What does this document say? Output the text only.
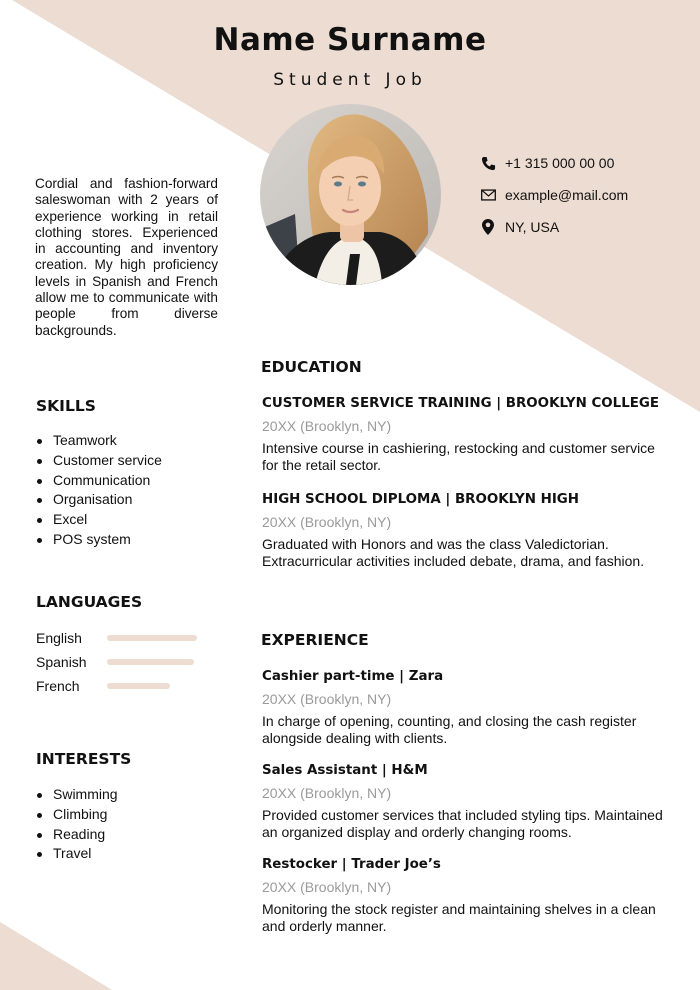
Name Surname
Student Job
+1 315 000 00 00
example@mail.com
NY, USA

Cordial and fashion-forward saleswoman with 2 years of experience working in retail clothing stores. Experienced in accounting and inventory creation. My high proficiency levels in Spanish and French allow me to communicate with people from diverse backgrounds.

SKILLS
Teamwork
Customer service
Communication
Organisation
Excel
POS system
LANGUAGES
English
Spanish
French
INTERESTS
Swimming
Climbing
Reading
Travel
EDUCATION

CUSTOMER SERVICE TRAINING | BROOKLYN COLLEGE

20XX (Brooklyn, NY)

Intensive course in cashiering, restocking and customer service for the retail sector.

HIGH SCHOOL DIPLOMA | BROOKLYN HIGH

20XX (Brooklyn, NY)

Graduated with Honors and was the class Valedictorian. Extracurricular activities included debate, drama, and fashion.

EXPERIENCE

Cashier part-time | Zara

20XX (Brooklyn, NY)

In charge of opening, counting, and closing the cash register alongside dealing with clients.

Sales Assistant | H&M

20XX (Brooklyn, NY)

Provided customer services that included styling tips. Maintained an organized display and orderly changing rooms.

Restocker | Trader Joe’s

20XX (Brooklyn, NY)

Monitoring the stock register and maintaining shelves in a clean and orderly manner.
